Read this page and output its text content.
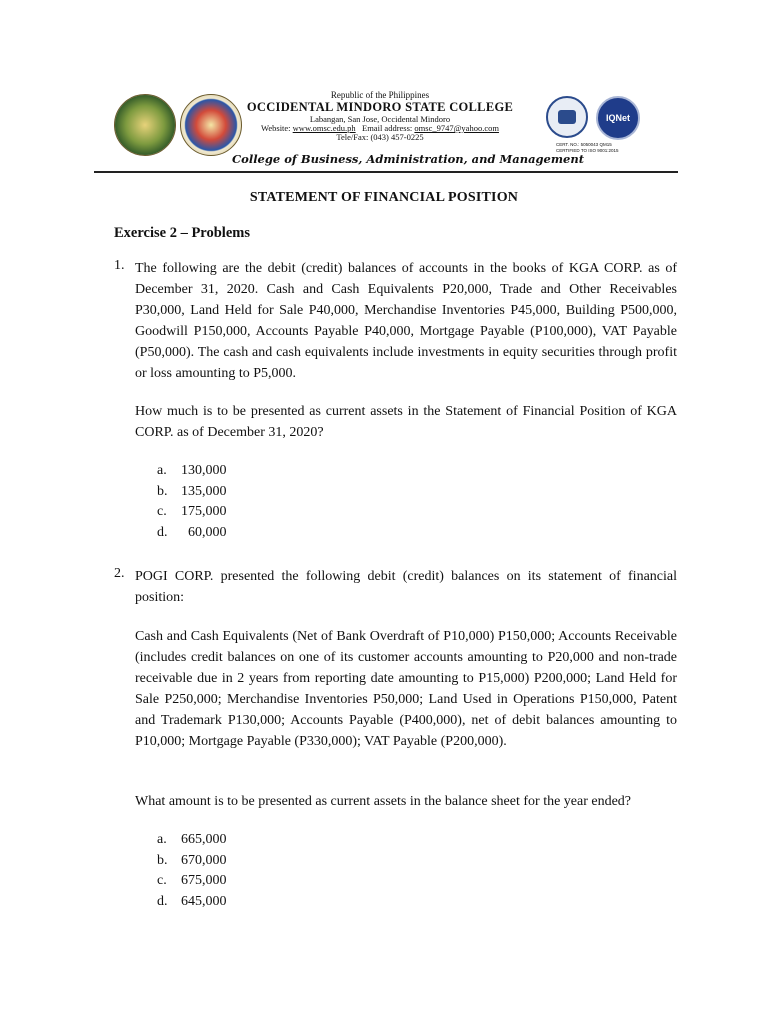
Republic of the Philippines
OCCIDENTAL MINDORO STATE COLLEGE
Labangan, San Jose, Occidental Mindoro
Website: www.omsc.edu.ph Email address: omsc_9747@yahoo.com
Tele/Fax: (043) 457-0225
College of Business, Administration, and Management
IQNet
CERT. NO.: 5050043 QM15
CERTIFIED TO ISO 9001:2015
STATEMENT OF FINANCIAL POSITION
Exercise 2 – Problems
1. The following are the debit (credit) balances of accounts in the books of KGA CORP. as of December 31, 2020. Cash and Cash Equivalents P20,000, Trade and Other Receivables P30,000, Land Held for Sale P40,000, Merchandise Inventories P45,000, Building P500,000, Goodwill P150,000, Accounts Payable P40,000, Mortgage Payable (P100,000), VAT Payable (P50,000). The cash and cash equivalents include investments in equity securities through profit or loss amounting to P5,000.
How much is to be presented as current assets in the Statement of Financial Position of KGA CORP. as of December 31, 2020?
a. 130,000
b. 135,000
c. 175,000
d.  60,000
2. POGI CORP. presented the following debit (credit) balances on its statement of financial position:
Cash and Cash Equivalents (Net of Bank Overdraft of P10,000) P150,000; Accounts Receivable (includes credit balances on one of its customer accounts amounting to P20,000 and non-trade receivable due in 2 years from reporting date amounting to P15,000) P200,000; Land Held for Sale P250,000; Merchandise Inventories P50,000; Land Used in Operations P150,000, Patent and Trademark P130,000; Accounts Payable (P400,000), net of debit balances amounting to P10,000; Mortgage Payable (P330,000); VAT Payable (P200,000).
What amount is to be presented as current assets in the balance sheet for the year ended?
a. 665,000
b. 670,000
c. 675,000
d. 645,000
